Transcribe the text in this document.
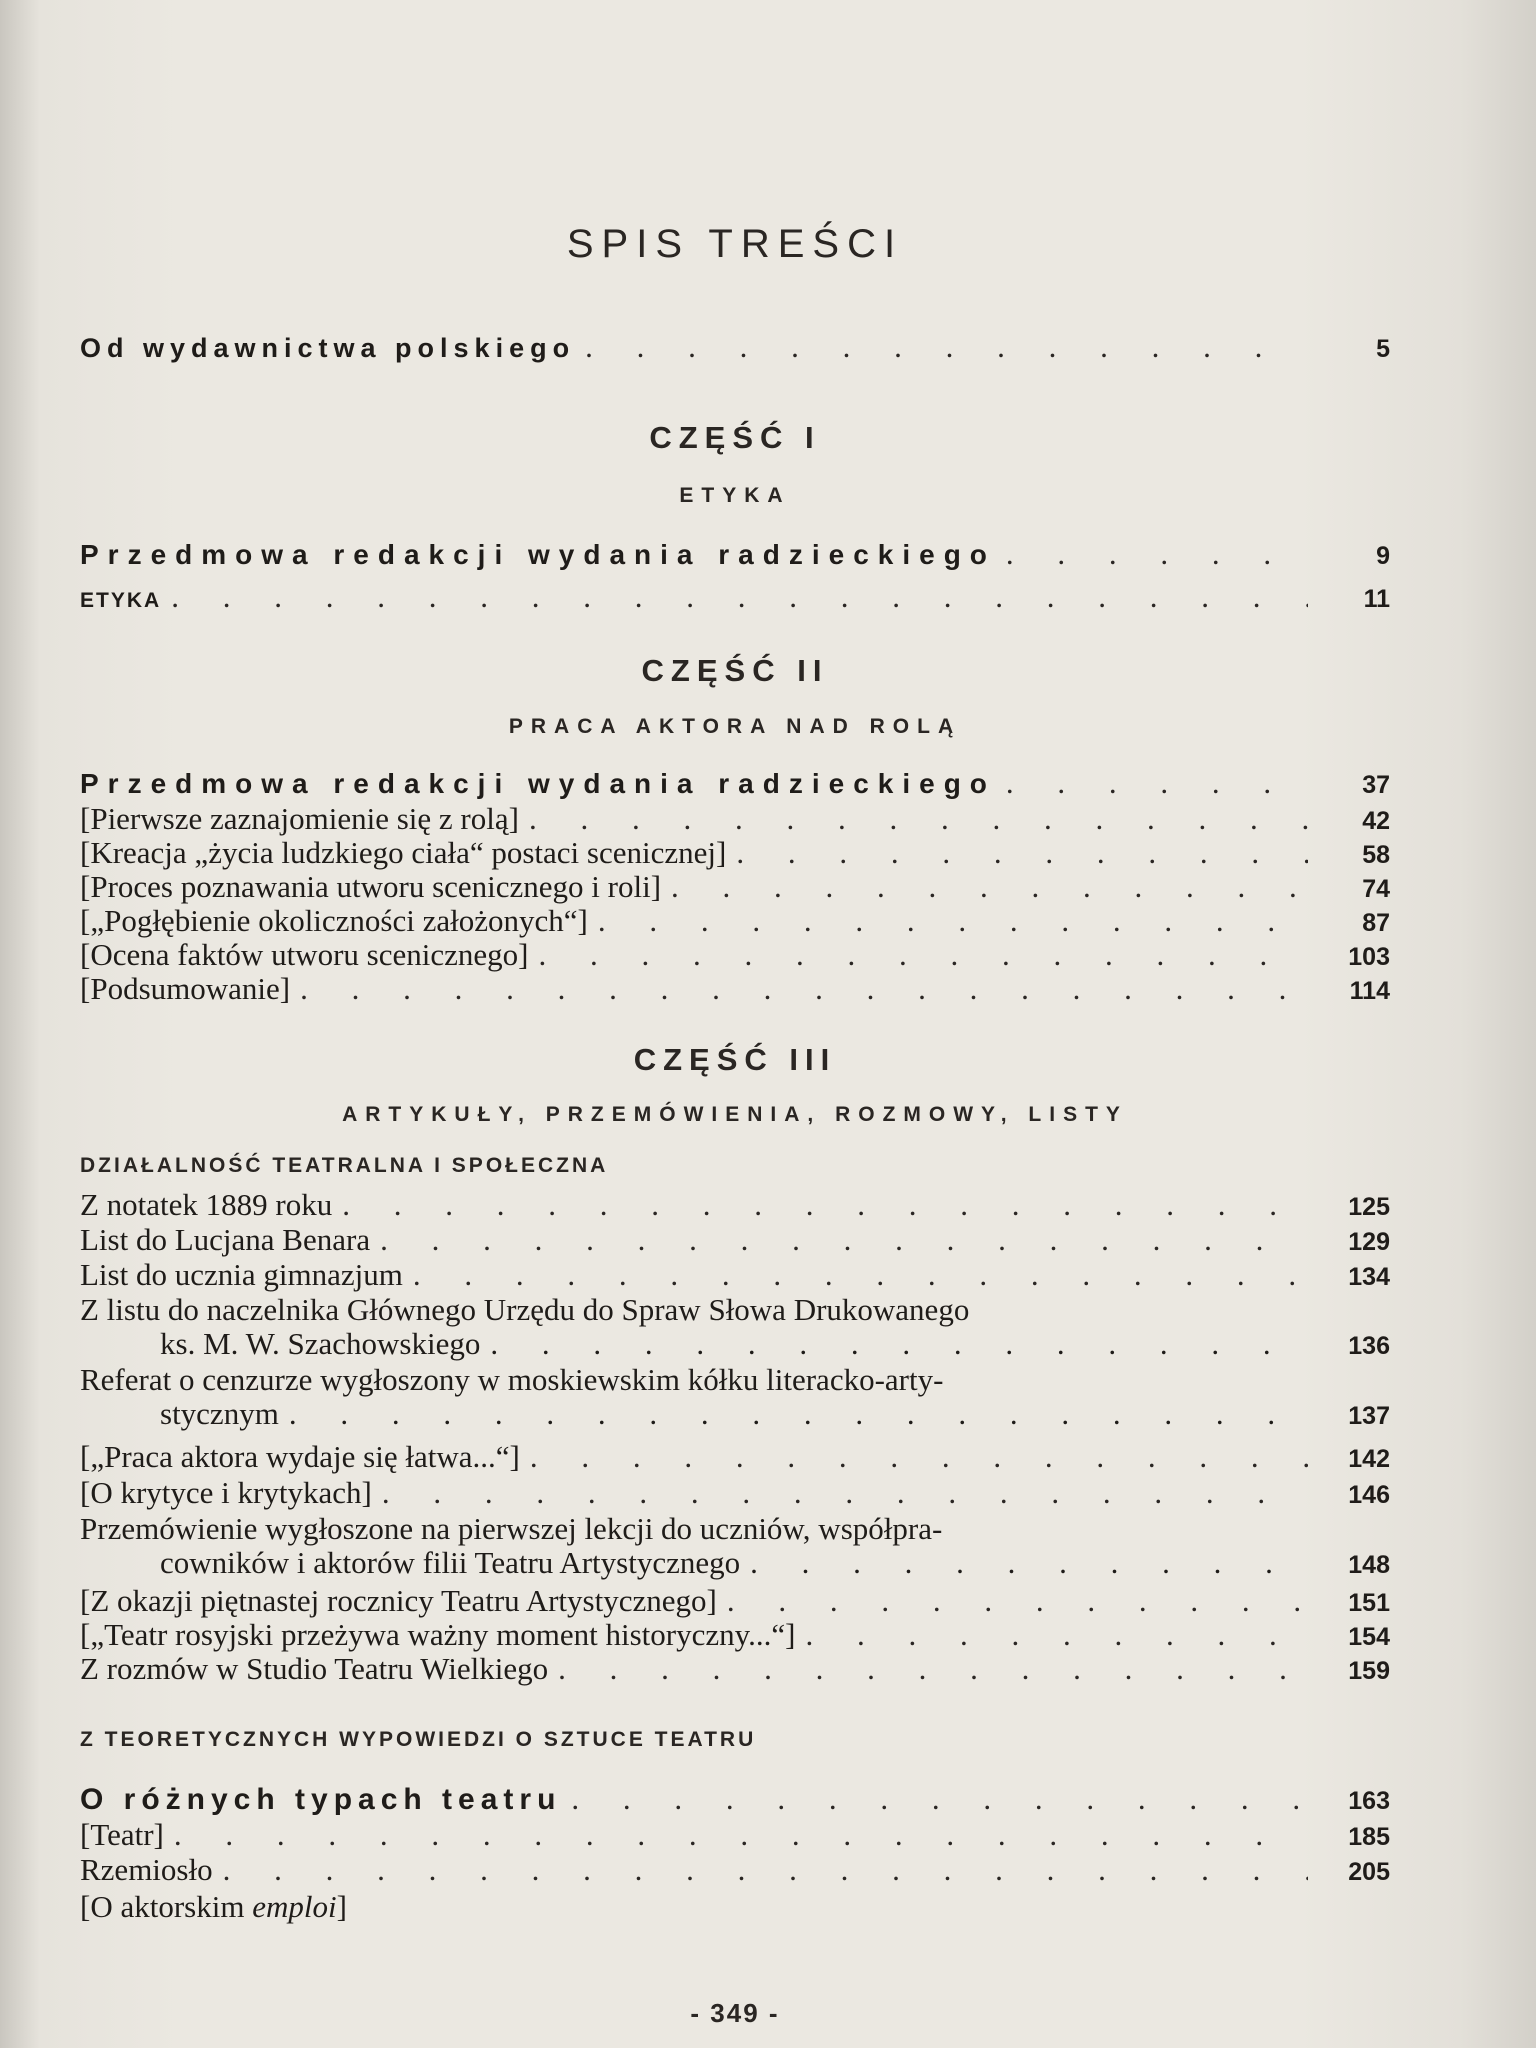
SPIS TREŚCI
Od wydawnictwa polskiego . . .	5
CZĘŚĆ I
ETYKA
Przedmowa redakcji wydania radzieckiego . . .	9
ETYKA . . .	11
CZĘŚĆ II
PRACA AKTORA NAD ROLĄ
Przedmowa redakcji wydania radzieckiego . . .	37
[Pierwsze zaznajomienie się z rolą] . . .	42
[Kreacja „życia ludzkiego ciała“ postaci scenicznej] . . .	58
[Proces poznawania utworu scenicznego i roli] . . .	74
[„Pogłębienie okoliczności założonych“] . . .	87
[Ocena faktów utworu scenicznego] . . .	103
[Podsumowanie] . . .	114
CZĘŚĆ III
ARTYKUŁY, PRZEMÓWIENIA, ROZMOWY, LISTY
DZIAŁALNOŚĆ TEATRALNA I SPOŁECZNA
Z notatek 1889 roku . . .	125
List do Lucjana Benara . . .	129
List do ucznia gimnazjum . . .	134
Z listu do naczelnika Głównego Urzędu do Spraw Słowa Drukowanego
ks. M. W. Szachowskiego . . .	136
Referat o cenzurze wygłoszony w moskiewskim kółku literacko-arty-
stycznym . . .	137
[„Praca aktora wydaje się łatwa...“] . . .	142
[O krytyce i krytykach] . . .	146
Przemówienie wygłoszone na pierwszej lekcji do uczniów, współpra-
cowników i aktorów filii Teatru Artystycznego . . .	148
[Z okazji piętnastej rocznicy Teatru Artystycznego] . . .	151
[„Teatr rosyjski przeżywa ważny moment historyczny...“] . . .	154
Z rozmów w Studio Teatru Wielkiego . . .	159
Z TEORETYCZNYCH WYPOWIEDZI O SZTUCE TEATRU
O różnych typach teatru . . .	163
[Teatr] . . .	185
Rzemiosło . . .	205
[O aktorskim emploi]
- 349 -
